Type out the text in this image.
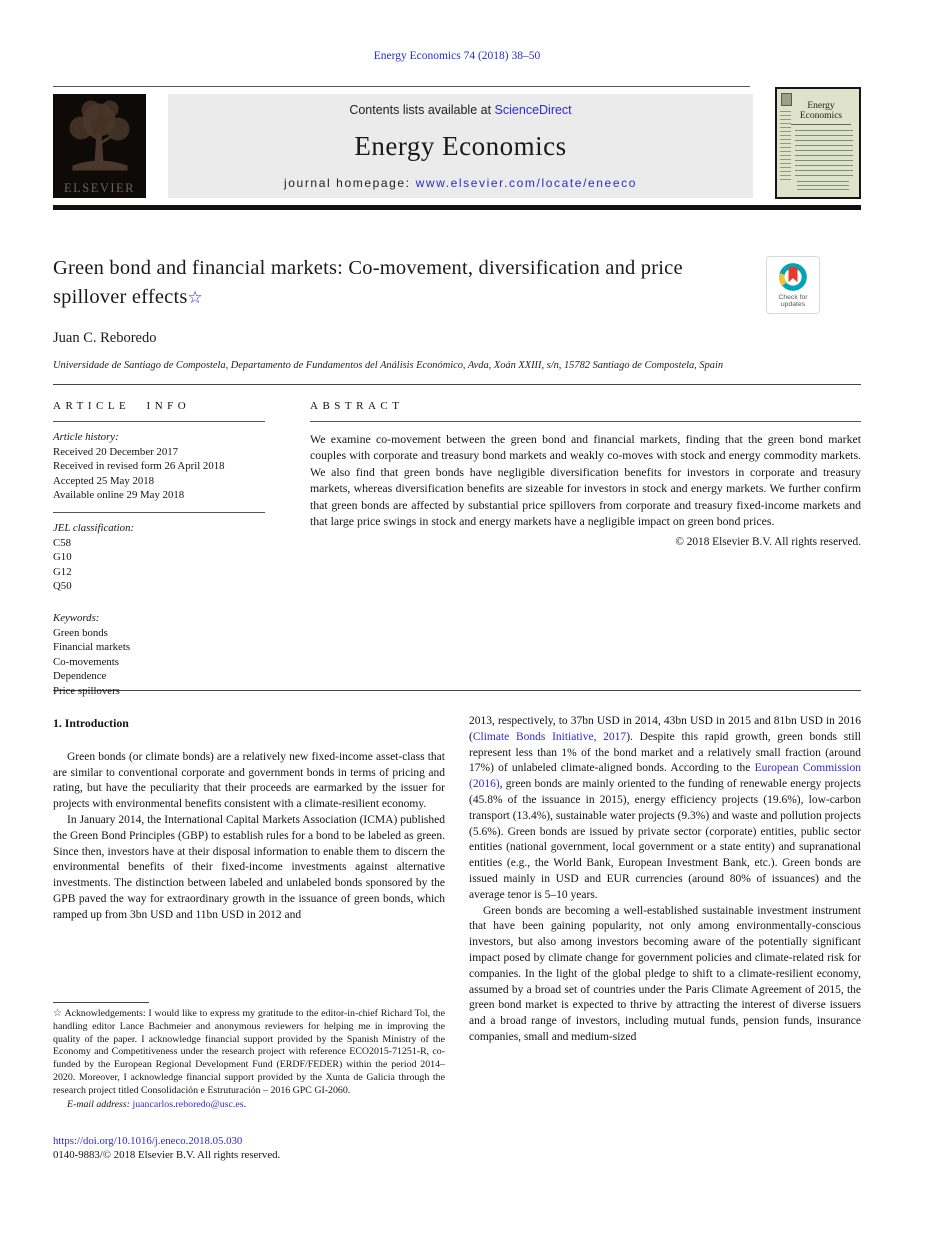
Energy Economics 74 (2018) 38–50
ELSEVIER
Contents lists available at ScienceDirect
Energy Economics
journal homepage: www.elsevier.com/locate/eneeco
Energy Economics
Green bond and financial markets: Co-movement, diversification and price spillover effects☆	Check for updates
Juan C. Reboredo
Universidade de Santiago de Compostela, Departamento de Fundamentos del Análisis Económico, Avda, Xoán XXIII, s/n, 15782 Santiago de Compostela, Spain
ARTICLE INFO
Article history:
Received 20 December 2017
Received in revised form 26 April 2018
Accepted 25 May 2018
Available online 29 May 2018
JEL classification:
C58
G10
G12
Q50
Keywords:
Green bonds
Financial markets
Co-movements
Dependence
Price spillovers
ABSTRACT
We examine co-movement between the green bond and financial markets, finding that the green bond market couples with corporate and treasury bond markets and weakly co-moves with stock and energy commodity markets. We also find that green bonds have negligible diversification benefits for investors in corporate and treasury markets, whereas diversification benefits are sizeable for investors in stock and energy markets. We further confirm that green bonds are affected by substantial price spillovers from corporate and treasury fixed-income markets and that large price swings in stock and energy markets have a negligible impact on green bond prices.
© 2018 Elsevier B.V. All rights reserved.
1. Introduction

Green bonds (or climate bonds) are a relatively new fixed-income asset-class that are similar to conventional corporate and government bonds in terms of pricing and rating, but have the peculiarity that their proceeds are earmarked by the issuer for projects with environmental benefits consistent with a climate-resilient economy.

In January 2014, the International Capital Markets Association (ICMA) published the Green Bond Principles (GBP) to establish rules for a bond to be labeled as green. Since then, investors have at their disposal information to enable them to discern the environmental benefits of their fixed-income investments against alternative investments. The distinction between labeled and unlabeled bonds sponsored by the GPB paved the way for extraordinary growth in the issuance of green bonds, which ramped up from 3bn USD and 11bn USD in 2012 and

☆ Acknowledgements: I would like to express my gratitude to the editor-in-chief Richard Tol, the handling editor Lance Bachmeier and anonymous reviewers for helping me in improving the quality of the paper. I acknowledge financial support provided by the Spanish Ministry of the Economy and Competitiveness under the research project with reference ECO2015-71251-R, co-funded by the European Regional Development Fund (ERDF/FEDER) within the period 2014–2020. Moreover, I acknowledge financial support provided by the Xunta de Galicia through the research project titled Consolidación e Estruturación – 2016 GPC GI-2060.

E-mail address: juancarlos.reboredo@usc.es.

2013, respectively, to 37bn USD in 2014, 43bn USD in 2015 and 81bn USD in 2016 (Climate Bonds Initiative, 2017). Despite this rapid growth, green bonds still represent less than 1% of the bond market and a relatively small fraction (around 17%) of unlabeled climate-aligned bonds. According to the European Commission (2016), green bonds are mainly oriented to the funding of renewable energy projects (45.8% of the issuance in 2015), energy efficiency projects (19.6%), low-carbon transport (13.4%), sustainable water projects (9.3%) and waste and pollution projects (5.6%). Green bonds are issued by private sector (corporate) entities, public sector entities (national government, local government or a state entity) and supranational entities (e.g., the World Bank, European Investment Bank, etc.). Green bonds are issued mainly in USD and EUR currencies (around 80% of issuances) and the average tenor is 5–10 years.

Green bonds are becoming a well-established sustainable investment instrument that have been gaining popularity, not only among environmentally-conscious investors, but also among investors becoming aware of the potentially significant impact posed by climate change for government policies and climate-related risk for companies. In the light of the global pledge to shift to a climate-resilient economy, assumed by a broad set of countries under the Paris Climate Agreement of 2015, the green bond market is expected to thrive by attracting the interest of diverse issuers and a broad range of investors, including mutual funds, pension funds, insurance companies, small and medium-sized

https://doi.org/10.1016/j.eneco.2018.05.030
0140-9883/© 2018 Elsevier B.V. All rights reserved.
